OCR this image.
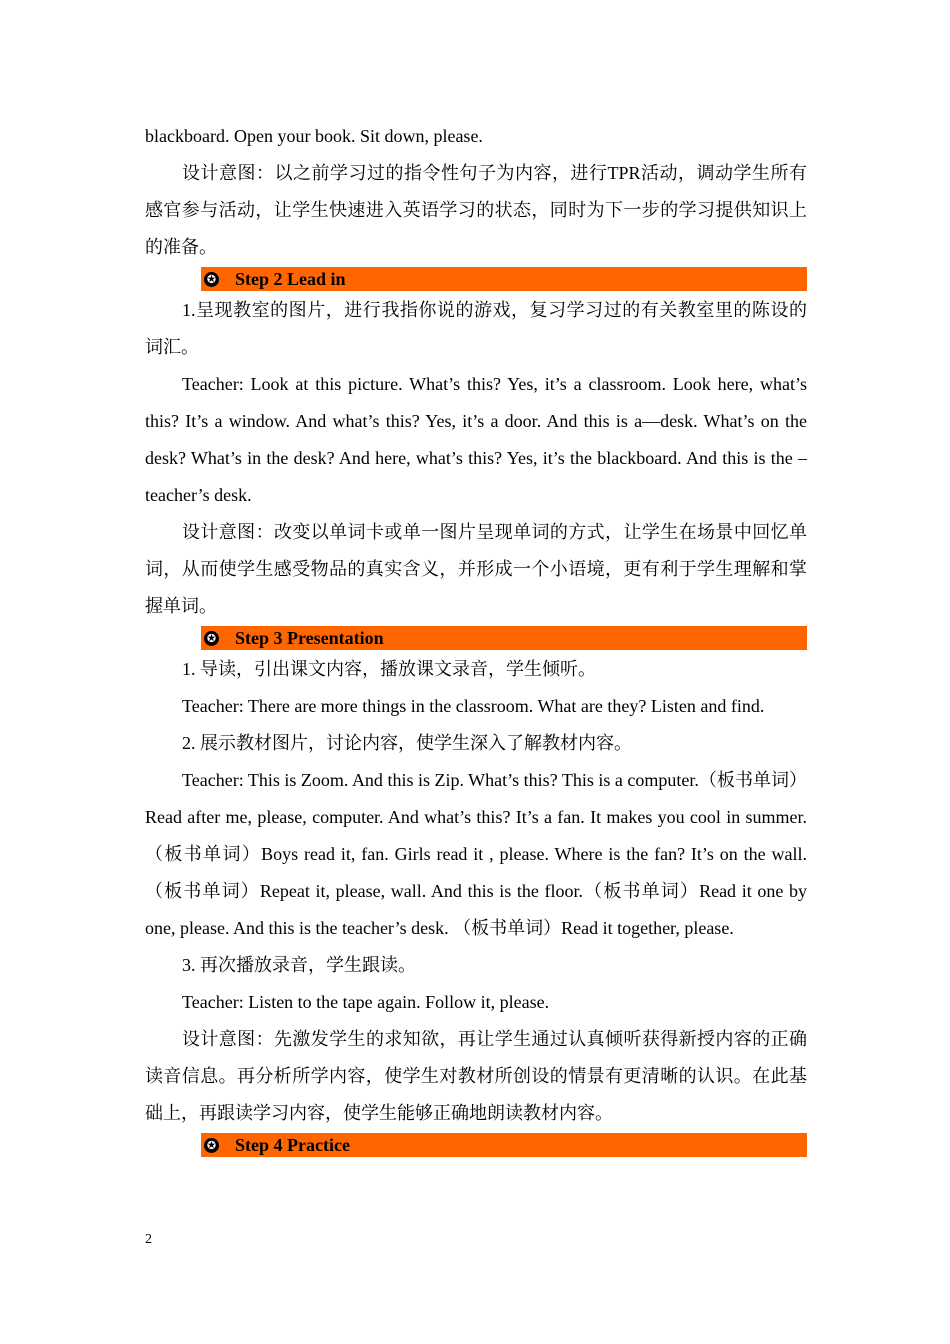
blackboard. Open your book. Sit down, please.

设计意图：以之前学习过的指令性句子为内容，进行TPR活动，调动学生所有感官参与活动，让学生快速进入英语学习的状态，同时为下一步的学习提供知识上的准备。

✪ Step 2 Lead in

1.呈现教室的图片，进行我指你说的游戏，复习学习过的有关教室里的陈设的词汇。

Teacher: Look at this picture. What’s this? Yes, it’s a classroom. Look here, what’s this? It’s a window. And what’s this? Yes, it’s a door. And this is a—desk. What’s on the desk? What’s in the desk? And here, what’s this? Yes, it’s the blackboard. And this is the – teacher’s desk.

设计意图：改变以单词卡或单一图片呈现单词的方式，让学生在场景中回忆单词，从而使学生感受物品的真实含义，并形成一个小语境，更有利于学生理解和掌握单词。

✪ Step 3 Presentation

1. 导读，引出课文内容，播放课文录音，学生倾听。

Teacher: There are more things in the classroom. What are they? Listen and find.

2. 展示教材图片，讨论内容，使学生深入了解教材内容。

Teacher: This is Zoom. And this is Zip. What’s this? This is a computer.（板书单词）Read after me, please, computer. And what’s this? It’s a fan. It makes you cool in summer.（板书单词）Boys read it, fan. Girls read it , please. Where is the fan? It’s on the wall.（板书单词）Repeat it, please, wall. And this is the floor.（板书单词）Read it one by one, please. And this is the teacher’s desk. （板书单词）Read it together, please.

3. 再次播放录音，学生跟读。

Teacher: Listen to the tape again. Follow it, please.

设计意图：先激发学生的求知欲，再让学生通过认真倾听获得新授内容的正确读音信息。再分析所学内容，使学生对教材所创设的情景有更清晰的认识。在此基础上，再跟读学习内容，使学生能够正确地朗读教材内容。

✪ Step 4 Practice
2
